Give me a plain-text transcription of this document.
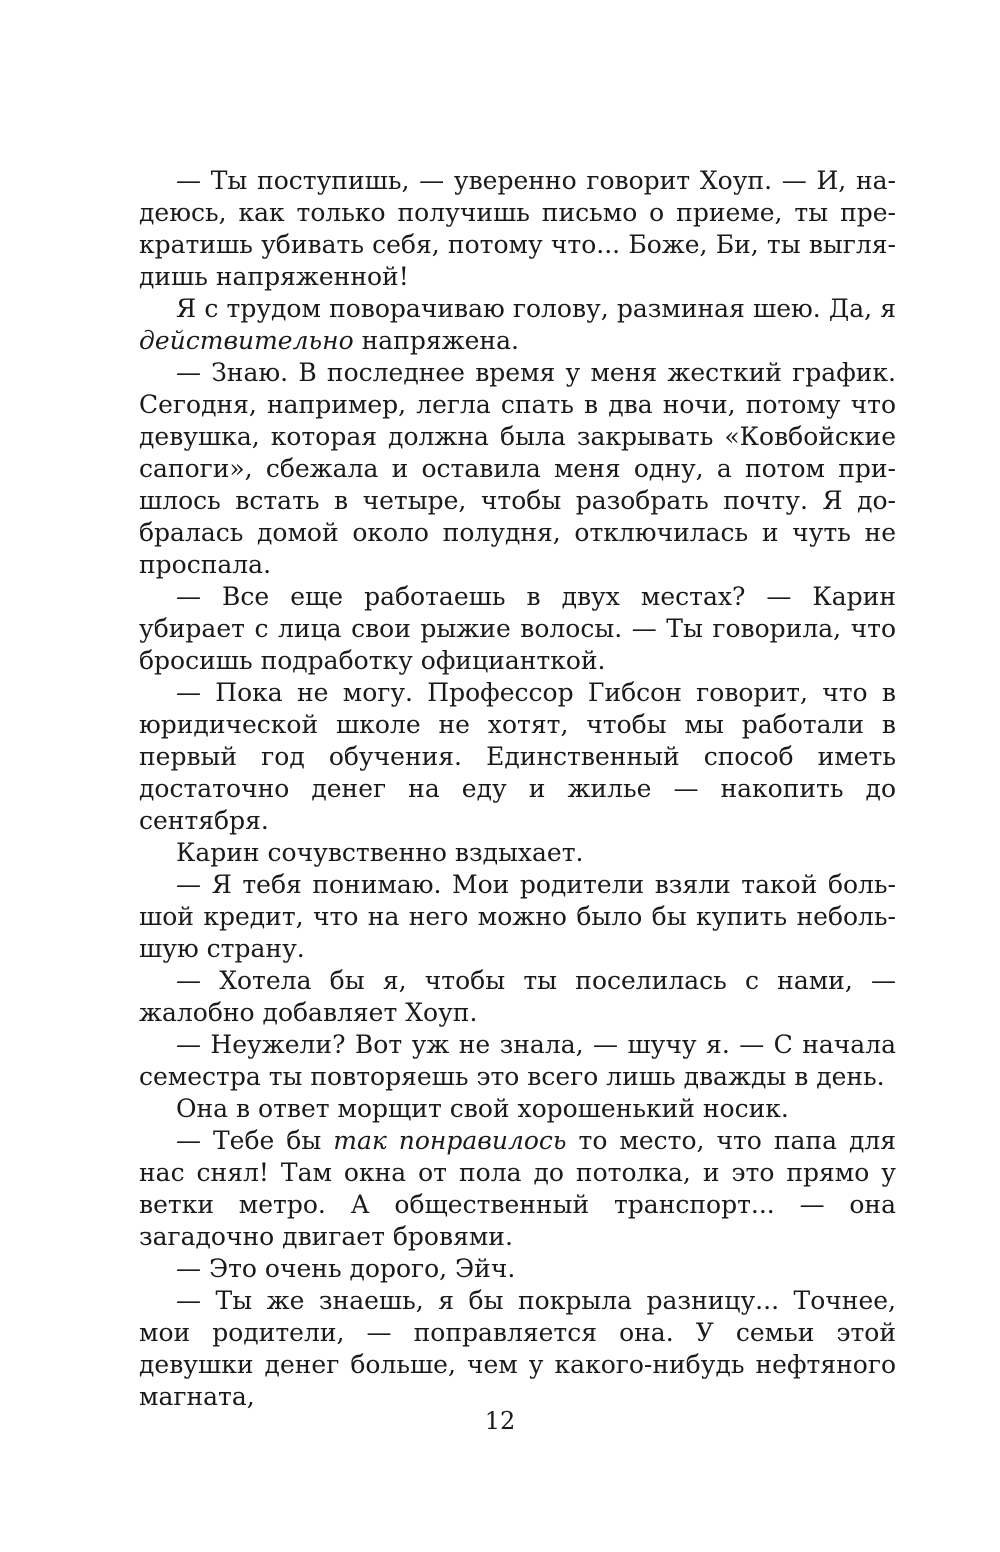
— Ты поступишь, — уверенно говорит Хоуп. — И, надеюсь, как только получишь письмо о приеме, ты прекратишь убивать себя, потому что... Боже, Би, ты выглядишь напряженной!

Я с трудом поворачиваю голову, разминая шею. Да, я действительно напряжена.

— Знаю. В последнее время у меня жесткий график. Сегодня, например, легла спать в два ночи, потому что девушка, которая должна была закрывать «Ковбойские сапоги», сбежала и оставила меня одну, а потом пришлось встать в четыре, чтобы разобрать почту. Я добралась домой около полудня, отключилась и чуть не проспала.

— Все еще работаешь в двух местах? — Карин убирает с лица свои рыжие волосы. — Ты говорила, что бросишь подработку официанткой.

— Пока не могу. Профессор Гибсон говорит, что в юридической школе не хотят, чтобы мы работали в первый год обучения. Единственный способ иметь достаточно денег на еду и жилье — накопить до сентября.

Карин сочувственно вздыхает.

— Я тебя понимаю. Мои родители взяли такой большой кредит, что на него можно было бы купить небольшую страну.

— Хотела бы я, чтобы ты поселилась с нами, — жалобно добавляет Хоуп.

— Неужели? Вот уж не знала, — шучу я. — С начала семестра ты повторяешь это всего лишь дважды в день.

Она в ответ морщит свой хорошенький носик.

— Тебе бы так понравилось то место, что папа для нас снял! Там окна от пола до потолка, и это прямо у ветки метро. А общественный транспорт... — она загадочно двигает бровями.

— Это очень дорого, Эйч.

— Ты же знаешь, я бы покрыла разницу... Точнее, мои родители, — поправляется она. У семьи этой девушки денег больше, чем у какого-нибудь нефтяного магната,

12
